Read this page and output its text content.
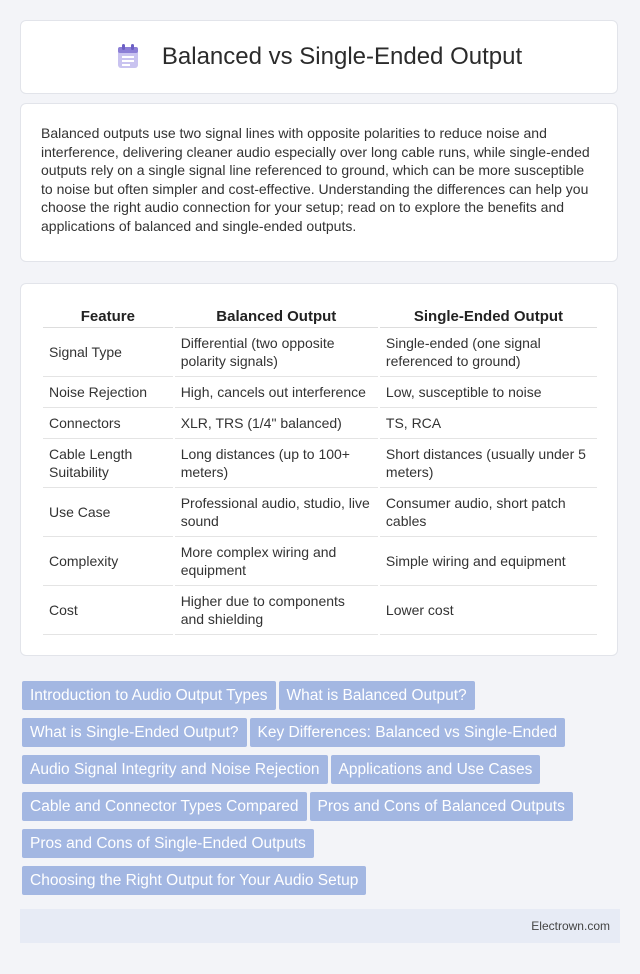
Balanced vs Single-Ended Output

Balanced outputs use two signal lines with opposite polarities to reduce noise and interference, delivering cleaner audio especially over long cable runs, while single-ended outputs rely on a single signal line referenced to ground, which can be more susceptible to noise but often simpler and cost-effective. Understanding the differences can help you choose the right audio connection for your setup; read on to explore the benefits and applications of balanced and single-ended outputs.

Feature	Balanced Output	Single-Ended Output
Signal Type	Differential (two opposite polarity signals)	Single-ended (one signal referenced to ground)
Noise Rejection	High, cancels out interference	Low, susceptible to noise
Connectors	XLR, TRS (1/4" balanced)	TS, RCA
Cable Length Suitability	Long distances (up to 100+ meters)	Short distances (usually under 5 meters)
Use Case	Professional audio, studio, live sound	Consumer audio, short patch cables
Complexity	More complex wiring and equipment	Simple wiring and equipment
Cost	Higher due to components and shielding	Lower cost
Introduction to Audio Output Types What is Balanced Output?
What is Single-Ended Output? Key Differences: Balanced vs Single-Ended
Audio Signal Integrity and Noise Rejection Applications and Use Cases
Cable and Connector Types Compared Pros and Cons of Balanced Outputs
Pros and Cons of Single-Ended Outputs
Choosing the Right Output for Your Audio Setup
Electrown.com
